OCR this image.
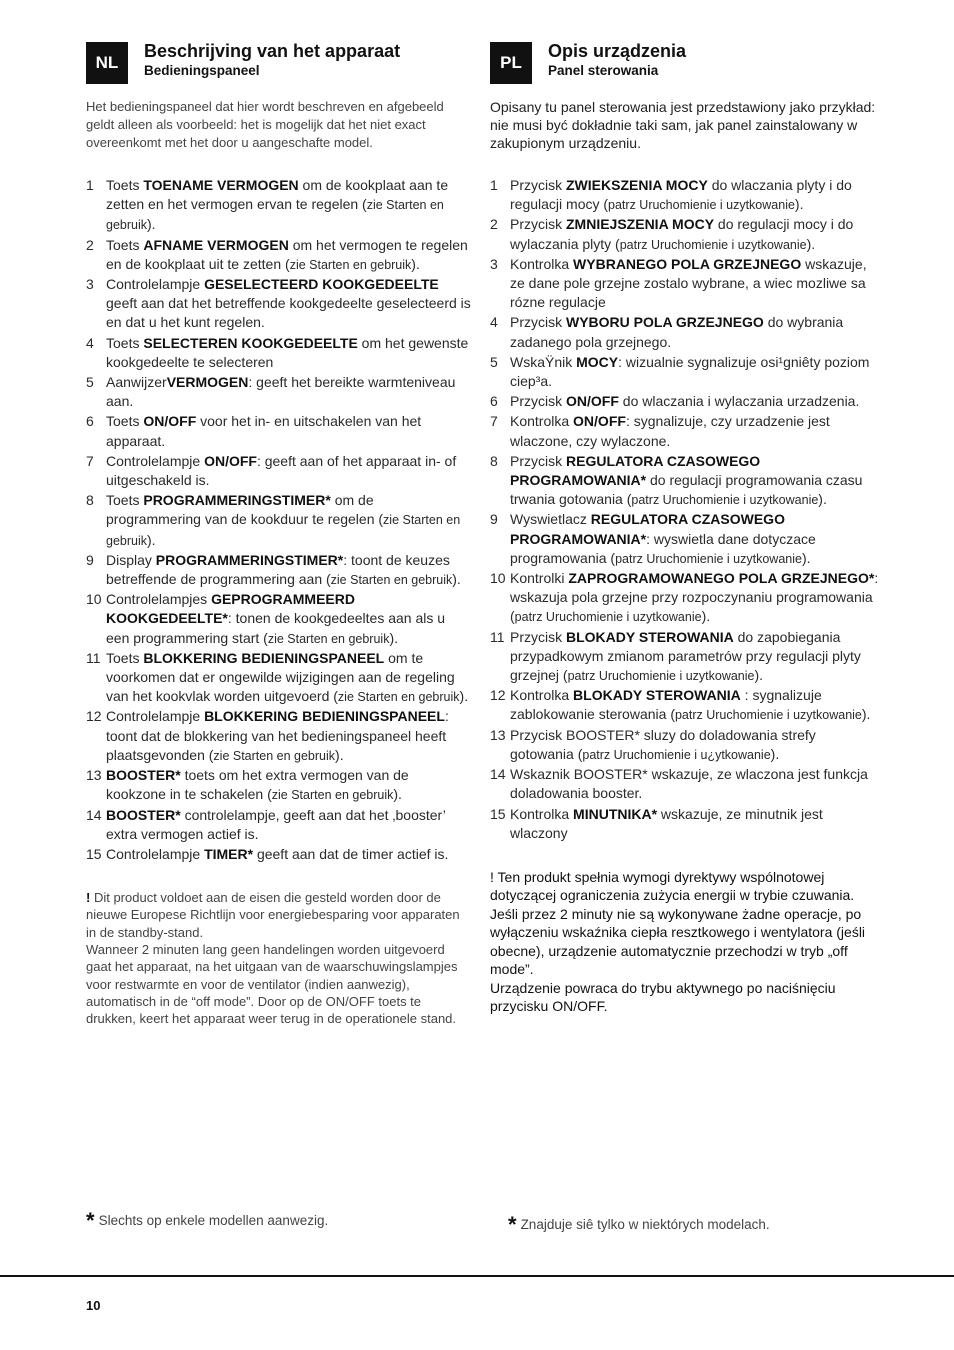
NL
Beschrijving van het apparaat
Bedieningspaneel
Het bedieningspaneel dat hier wordt beschreven en afgebeeld geldt alleen als voorbeeld: het is mogelijk dat het niet exact overeenkomt met het door u aangeschafte model.
1 Toets TOENAME VERMOGEN om de kookplaat aan te zetten en het vermogen ervan te regelen (zie Starten en gebruik).
2 Toets AFNAME VERMOGEN om het vermogen te regelen en de kookplaat uit te zetten (zie Starten en gebruik).
3 Controlelampje GESELECTEERD KOOKGEDEELTE geeft aan dat het betreffende kookgedeelte geselecteerd is en dat u het kunt regelen.
4 Toets SELECTEREN KOOKGEDEELTE om het gewenste kookgedeelte te selecteren
5 AanwijzerVERMOGEN: geeft het bereikte warmteniveau aan.
6 Toets ON/OFF voor het in- en uitschakelen van het apparaat.
7 Controlelampje ON/OFF: geeft aan of het apparaat in- of uitgeschakeld is.
8 Toets PROGRAMMERINGSTIMER* om de programmering van de kookduur te regelen (zie Starten en gebruik).
9 Display PROGRAMMERINGSTIMER*: toont de keuzes betreffende de programmering aan (zie Starten en gebruik).
10 Controlelampjes GEPROGRAMMEERD KOOKGEDEELTE*: tonen de kookgedeeltes aan als u een programmering start (zie Starten en gebruik).
11 Toets BLOKKERING BEDIENINGSPANEEL om te voorkomen dat er ongewilde wijzigingen aan de regeling van het kookvlak worden uitgevoerd (zie Starten en gebruik).
12 Controlelampje BLOKKERING BEDIENINGSPANEEL: toont dat de blokkering van het bedieningspaneel heeft plaatsgevonden (zie Starten en gebruik).
13 BOOSTER* toets om het extra vermogen van de kookzone in te schakelen (zie Starten en gebruik).
14 BOOSTER* controlelampje, geeft aan dat het ‚booster’ extra vermogen actief is.
15 Controlelampje TIMER* geeft aan dat de timer actief is.

! Dit product voldoet aan de eisen die gesteld worden door de nieuwe Europese Richtlijn voor energiebesparing voor apparaten in de standby-stand.

Wanneer 2 minuten lang geen handelingen worden uitgevoerd gaat het apparaat, na het uitgaan van de waarschuwingslampjes voor restwarmte en voor de ventilator (indien aanwezig), automatisch in de “off mode”. Door op de ON/OFF toets te drukken, keert het apparaat weer terug in de operationele stand.

PL
Opis urządzenia
Panel sterowania
Opisany tu panel sterowania jest przedstawiony jako przykład: nie musi być dokładnie taki sam, jak panel zainstalowany w zakupionym urządzeniu.
1 Przycisk ZWIEKSZENIA MOCY do wlaczania plyty i do regulacji mocy (patrz Uruchomienie i uzytkowanie).
2 Przycisk ZMNIEJSZENIA MOCY do regulacji mocy i do wylaczania plyty (patrz Uruchomienie i uzytkowanie).
3 Kontrolka WYBRANEGO POLA GRZEJNEGO wskazuje, ze dane pole grzejne zostalo wybrane, a wiec mozliwe sa rózne regulacje
4 Przycisk WYBORU POLA GRZEJNEGO do wybrania zadanego pola grzejnego.
5 WskaŸnik MOCY: wizualnie sygnalizuje osi¹gniêty poziom ciep³a.
6 Przycisk ON/OFF do wlaczania i wylaczania urzadzenia.
7 Kontrolka ON/OFF: sygnalizuje, czy urzadzenie jest wlaczone, czy wylaczone.
8 Przycisk REGULATORA CZASOWEGO PROGRAMOWANIA* do regulacji programowania czasu trwania gotowania (patrz Uruchomienie i uzytkowanie).
9 Wyswietlacz REGULATORA CZASOWEGO PROGRAMOWANIA*: wyswietla dane dotyczace programowania (patrz Uruchomienie i uzytkowanie).
10 Kontrolki ZAPROGRAMOWANEGO POLA GRZEJNEGO*: wskazuja pola grzejne przy rozpoczynaniu programowania (patrz Uruchomienie i uzytkowanie).
11 Przycisk BLOKADY STEROWANIA do zapobiegania przypadkowym zmianom parametrów przy regulacji plyty grzejnej (patrz Uruchomienie i uzytkowanie).
12 Kontrolka BLOKADY STEROWANIA : sygnalizuje zablokowanie sterowania (patrz Uruchomienie i uzytkowanie).
13 Przycisk BOOSTER* sluzy do doladowania strefy gotowania (patrz Uruchomienie i u¿ytkowanie).
14 Wskaznik BOOSTER* wskazuje, ze wlaczona jest funkcja doladowania booster.
15 Kontrolka MINUTNIKA* wskazuje, ze minutnik jest wlaczony

! Ten produkt spełnia wymogi dyrektywy wspólnotowej dotyczącej ograniczenia zużycia energii w trybie czuwania.

Jeśli przez 2 minuty nie są wykonywane żadne operacje, po wyłączeniu wskaźnika ciepła resztkowego i wentylatora (jeśli obecne), urządzenie automatycznie przechodzi w tryb „off mode”.

Urządzenie powraca do trybu aktywnego po naciśnięciu przycisku ON/OFF.

* Slechts op enkele modellen aanwezig.	* Znajduje siê tylko w niektórych modelach.
10
